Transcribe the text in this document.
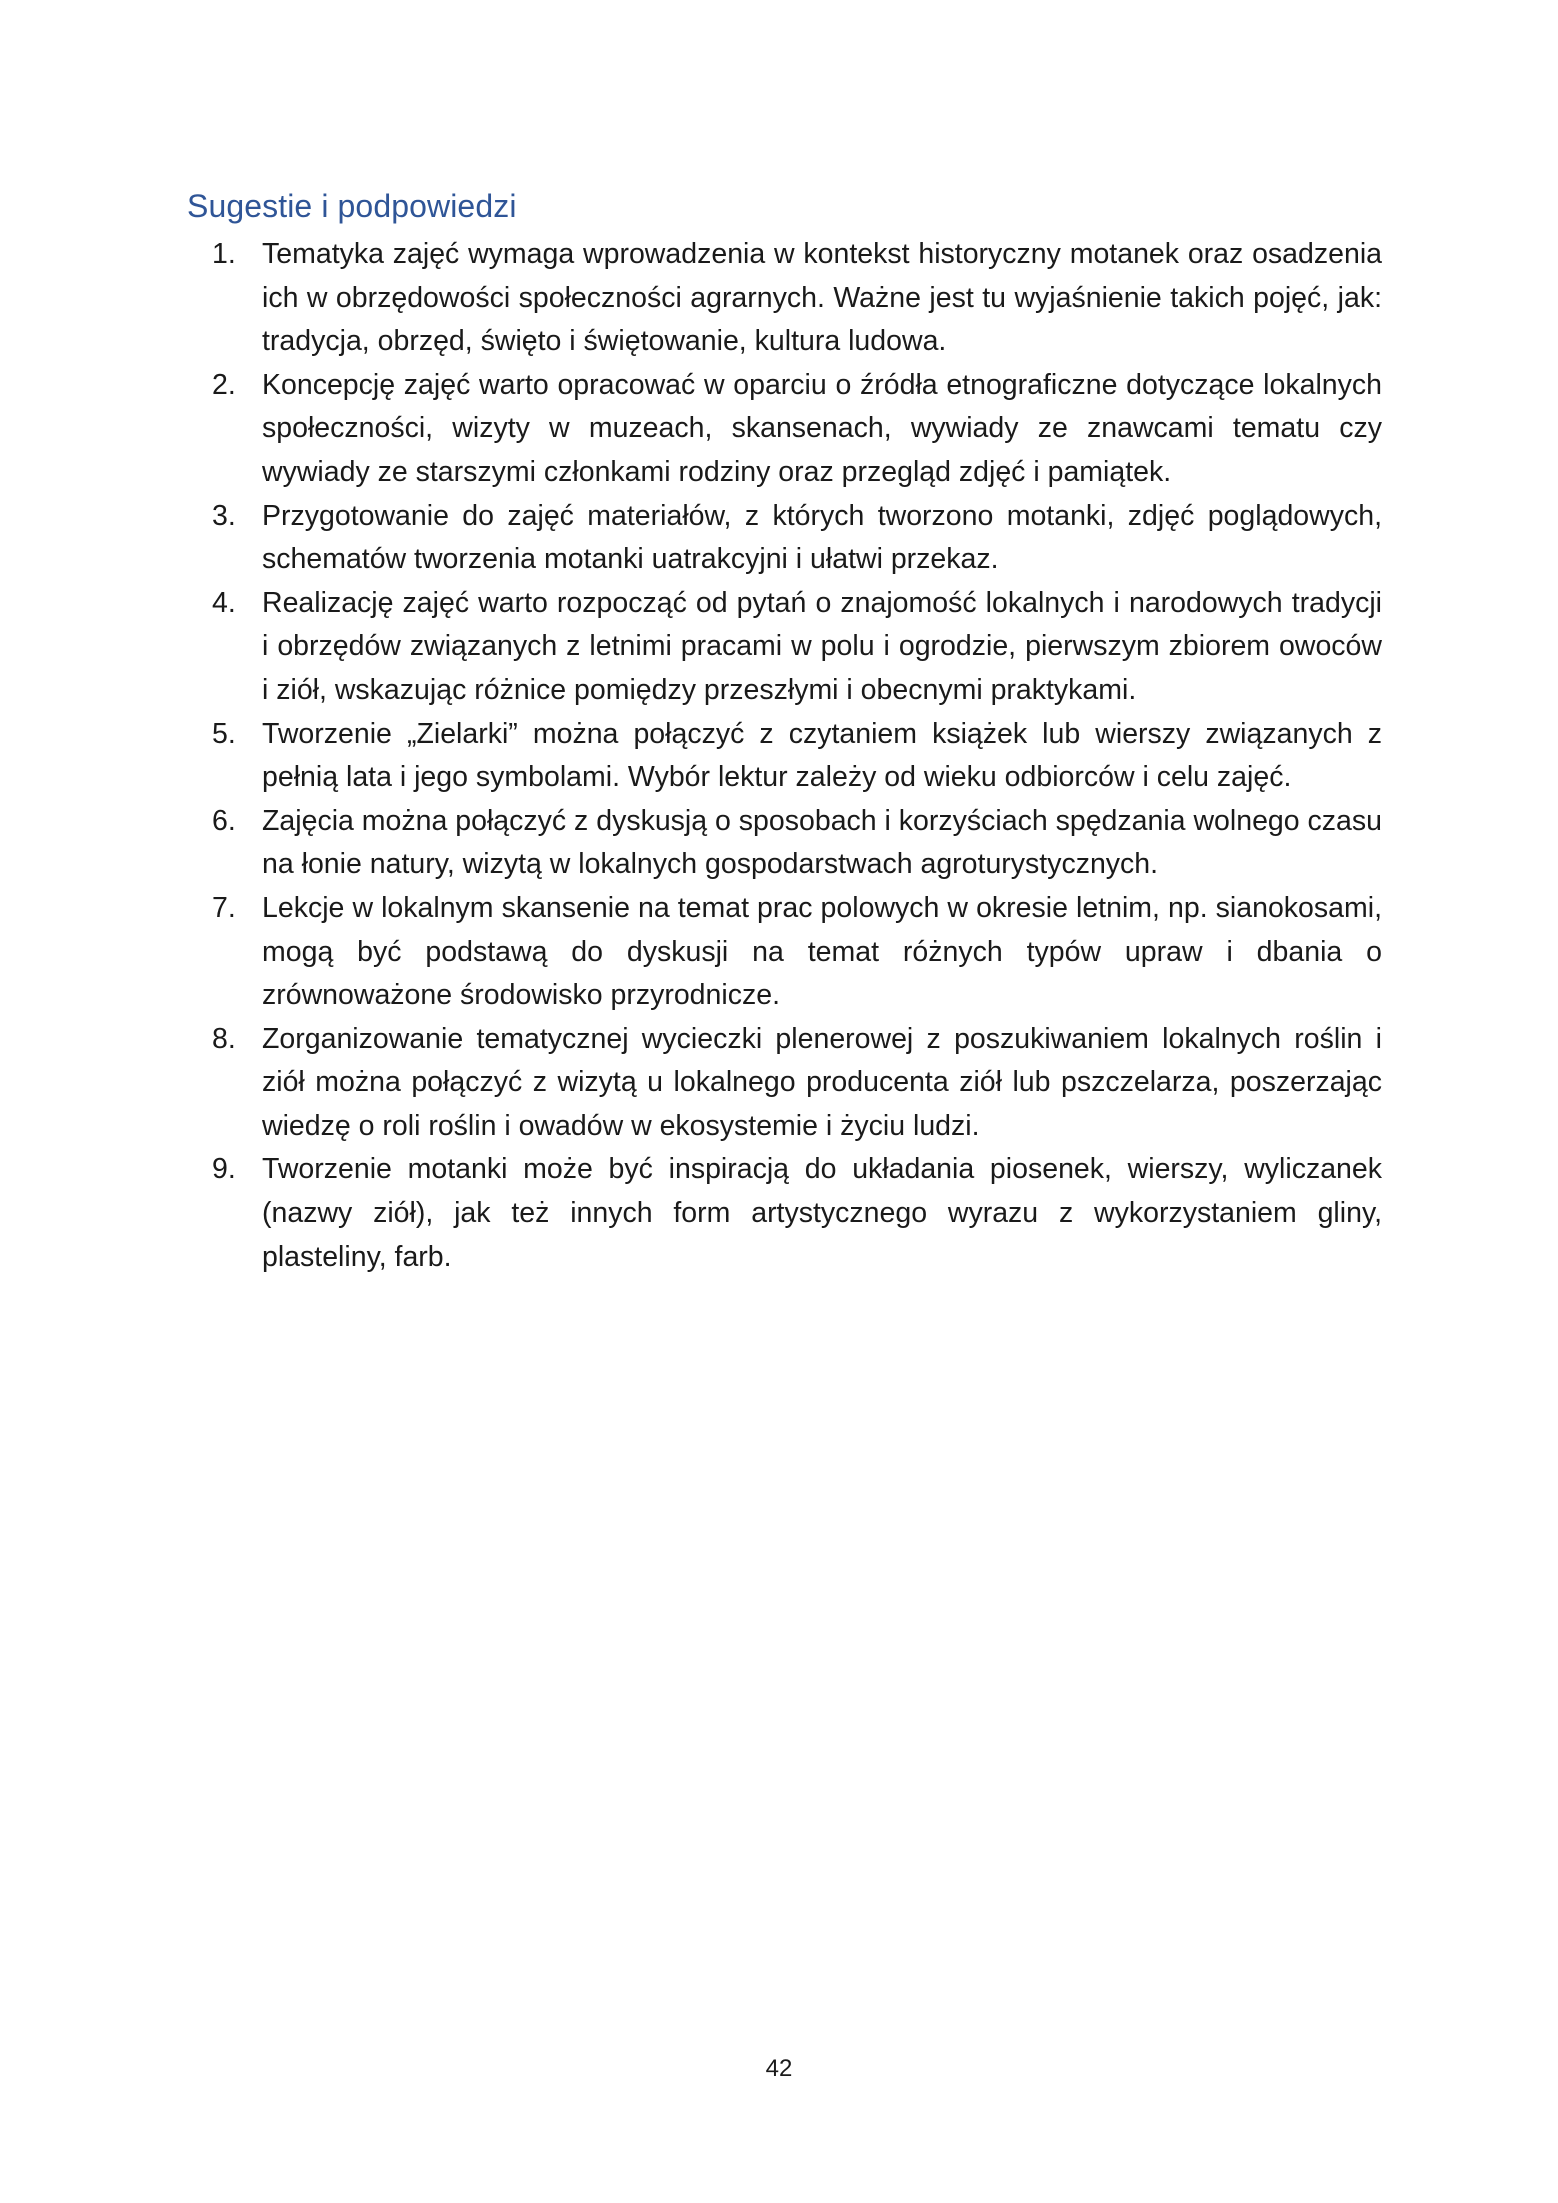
Sugestie i podpowiedzi
1. Tematyka zajęć wymaga wprowadzenia w kontekst historyczny motanek oraz osadzenia ich w obrzędowości społeczności agrarnych. Ważne jest tu wyjaśnienie takich pojęć, jak: tradycja, obrzęd, święto i świętowanie, kultura ludowa.
2. Koncepcję zajęć warto opracować w oparciu o źródła etnograficzne dotyczące lokalnych społeczności, wizyty w muzeach, skansenach, wywiady ze znawcami tematu czy wywiady ze starszymi członkami rodziny oraz przegląd zdjęć i pamiątek.
3. Przygotowanie do zajęć materiałów, z których tworzono motanki, zdjęć poglądowych, schematów tworzenia motanki uatrakcyjni i ułatwi przekaz.
4. Realizację zajęć warto rozpocząć od pytań o znajomość lokalnych i narodowych tradycji i obrzędów związanych z letnimi pracami w polu i ogrodzie, pierwszym zbiorem owoców i ziół, wskazując różnice pomiędzy przeszłymi i obecnymi praktykami.
5. Tworzenie „Zielarki” można połączyć z czytaniem książek lub wierszy związanych z pełnią lata i jego symbolami. Wybór lektur zależy od wieku odbiorców i celu zajęć.
6. Zajęcia można połączyć z dyskusją o sposobach i korzyściach spędzania wolnego czasu na łonie natury, wizytą w lokalnych gospodarstwach agroturystycznych.
7. Lekcje w lokalnym skansenie na temat prac polowych w okresie letnim, np. sianokosami, mogą być podstawą do dyskusji na temat różnych typów upraw i dbania o zrównoważone środowisko przyrodnicze.
8. Zorganizowanie tematycznej wycieczki plenerowej z poszukiwaniem lokalnych roślin i ziół można połączyć z wizytą u lokalnego producenta ziół lub pszczelarza, poszerzając wiedzę o roli roślin i owadów w ekosystemie i życiu ludzi.
9. Tworzenie motanki może być inspiracją do układania piosenek, wierszy, wyliczanek (nazwy ziół), jak też innych form artystycznego wyrazu z wykorzystaniem gliny, plasteliny, farb.
42
